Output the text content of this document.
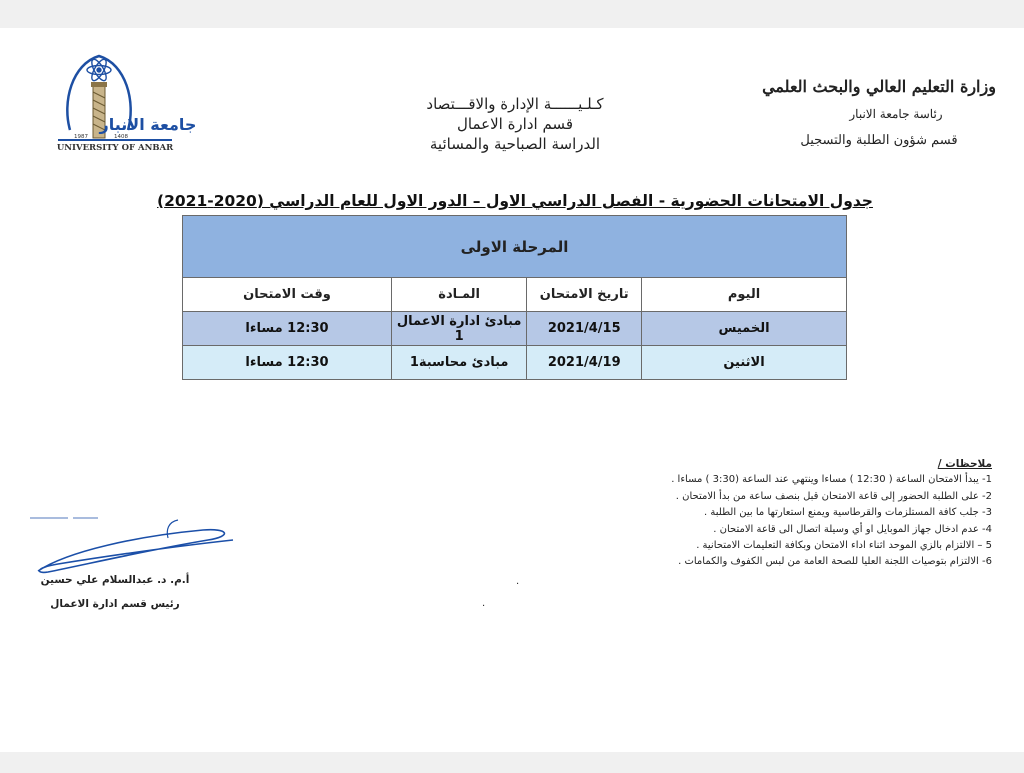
جامعة الانبار
1987	1408
UNIVERSITY OF ANBAR
وزارة التعليم العالي والبحث العلمي
رئاسة جامعة الانبار
قسم شؤون الطلبة والتسجيل
كـلـيــــــة الإدارة والاقـــتصاد
قسم ادارة الاعمال
الدراسة الصباحية والمسائية
جدول الامتحانات الحضورية - الفصل الدراسي الاول – الدور الاول للعام الدراسي (2020-2021)
المرحلة الاولى			
اليوم	تاريخ الامتحان	المـادة	وقت الامتحان
الخميس	2021/4/15	مبادئ ادارة الاعمال 1	12:30 مساءا
الاثنين	2021/4/19	مبادئ محاسبة1	12:30 مساءا
ملاحظات /
1- يبدأ الامتحان الساعة ( 12:30 ) مساءا وينتهي عند الساعة (3:30 ) مساءا .
2- على الطلبة الحضور إلى قاعة الامتحان قبل بنصف ساعة من بدأ الامتحان .
3- جلب كافة المستلزمات والقرطاسية ويمنع استعارتها ما بين الطلبة .
4- عدم ادخال جهاز الموبايل او أي وسيلة اتصال الى قاعة الامتحان .
5 – الالتزام بالزي الموحد اثناء اداء الامتحان وبكافة التعليمات الامتحانية .
6- الالتزام بتوصيات اللجنة العليا للصحة العامة من لبس الكفوف والكمامات .
أ.م. د. عبدالسلام علي حسين
رئيس قسم ادارة الاعمال
.
.
